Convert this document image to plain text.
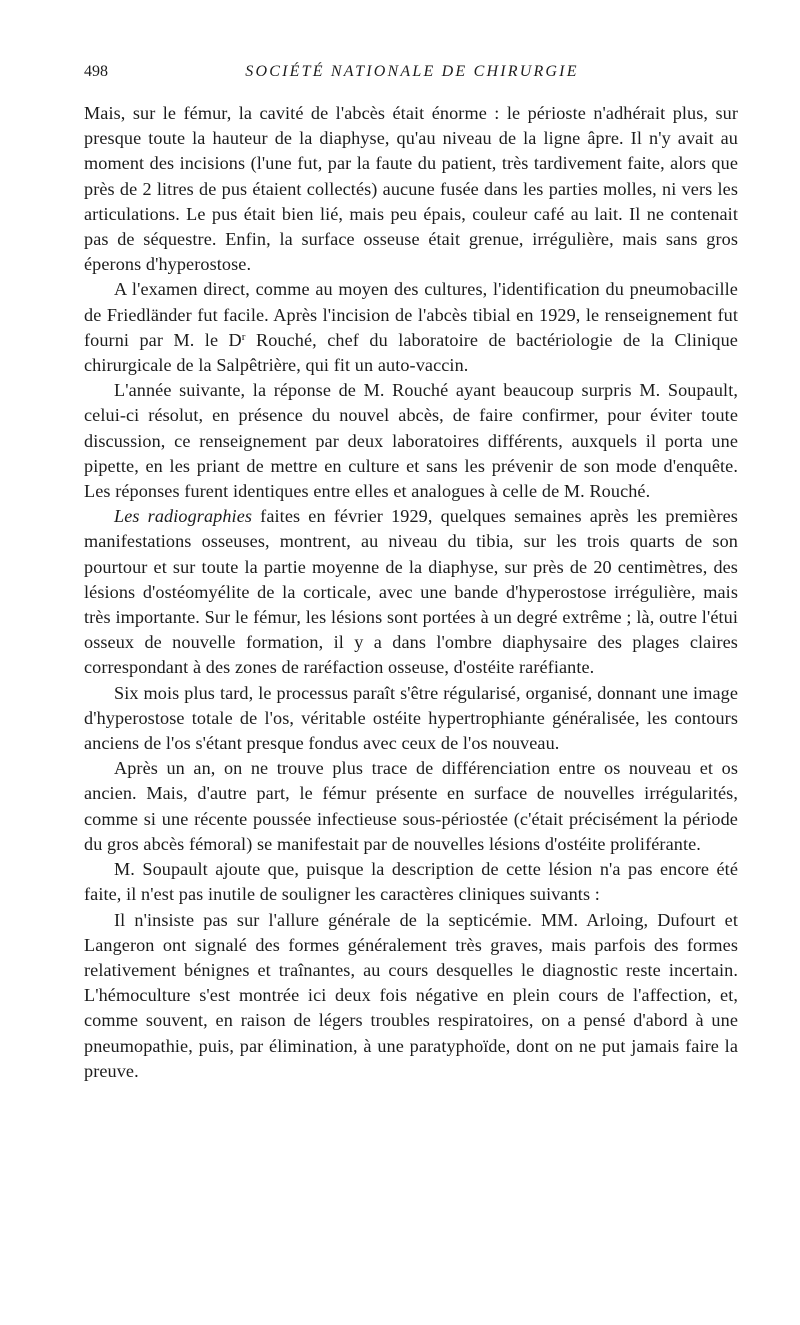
498	SOCIÉTÉ NATIONALE DE CHIRURGIE

Mais, sur le fémur, la cavité de l'abcès était énorme : le périoste n'adhérait plus, sur presque toute la hauteur de la diaphyse, qu'au niveau de la ligne âpre. Il n'y avait au moment des incisions (l'une fut, par la faute du patient, très tardivement faite, alors que près de 2 litres de pus étaient collectés) aucune fusée dans les parties molles, ni vers les articulations. Le pus était bien lié, mais peu épais, couleur café au lait. Il ne contenait pas de séquestre. Enfin, la surface osseuse était grenue, irrégulière, mais sans gros éperons d'hyperostose.

A l'examen direct, comme au moyen des cultures, l'identification du pneumobacille de Friedländer fut facile. Après l'incision de l'abcès tibial en 1929, le renseignement fut fourni par M. le $D^r$ Rouché, chef du laboratoire de bactériologie de la Clinique chirurgicale de la Salpêtrière, qui fit un auto-vaccin.

L'année suivante, la réponse de M. Rouché ayant beaucoup surpris M. Soupault, celui-ci résolut, en présence du nouvel abcès, de faire confirmer, pour éviter toute discussion, ce renseignement par deux laboratoires différents, auxquels il porta une pipette, en les priant de mettre en culture et sans les prévenir de son mode d'enquête. Les réponses furent identiques entre elles et analogues à celle de M. Rouché.

Les radiographies faites en février 1929, quelques semaines après les premières manifestations osseuses, montrent, au niveau du tibia, sur les trois quarts de son pourtour et sur toute la partie moyenne de la diaphyse, sur près de 20 centimètres, des lésions d'ostéomyélite de la corticale, avec une bande d'hyperostose irrégulière, mais très importante. Sur le fémur, les lésions sont portées à un degré extrême ; là, outre l'étui osseux de nouvelle formation, il y a dans l'ombre diaphysaire des plages claires correspondant à des zones de raréfaction osseuse, d'ostéite raréfiante.

Six mois plus tard, le processus paraît s'être régularisé, organisé, donnant une image d'hyperostose totale de l'os, véritable ostéite hypertrophiante généralisée, les contours anciens de l'os s'étant presque fondus avec ceux de l'os nouveau.

Après un an, on ne trouve plus trace de différenciation entre os nouveau et os ancien. Mais, d'autre part, le fémur présente en surface de nouvelles irrégularités, comme si une récente poussée infectieuse sous-périostée (c'était précisément la période du gros abcès fémoral) se manifestait par de nouvelles lésions d'ostéite proliférante.

M. Soupault ajoute que, puisque la description de cette lésion n'a pas encore été faite, il n'est pas inutile de souligner les caractères cliniques suivants :

Il n'insiste pas sur l'allure générale de la septicémie. MM. Arloing, Dufourt et Langeron ont signalé des formes généralement très graves, mais parfois des formes relativement bénignes et traînantes, au cours desquelles le diagnostic reste incertain. L'hémoculture s'est montrée ici deux fois négative en plein cours de l'affection, et, comme souvent, en raison de légers troubles respiratoires, on a pensé d'abord à une pneumopathie, puis, par élimination, à une paratyphoïde, dont on ne put jamais faire la preuve.
